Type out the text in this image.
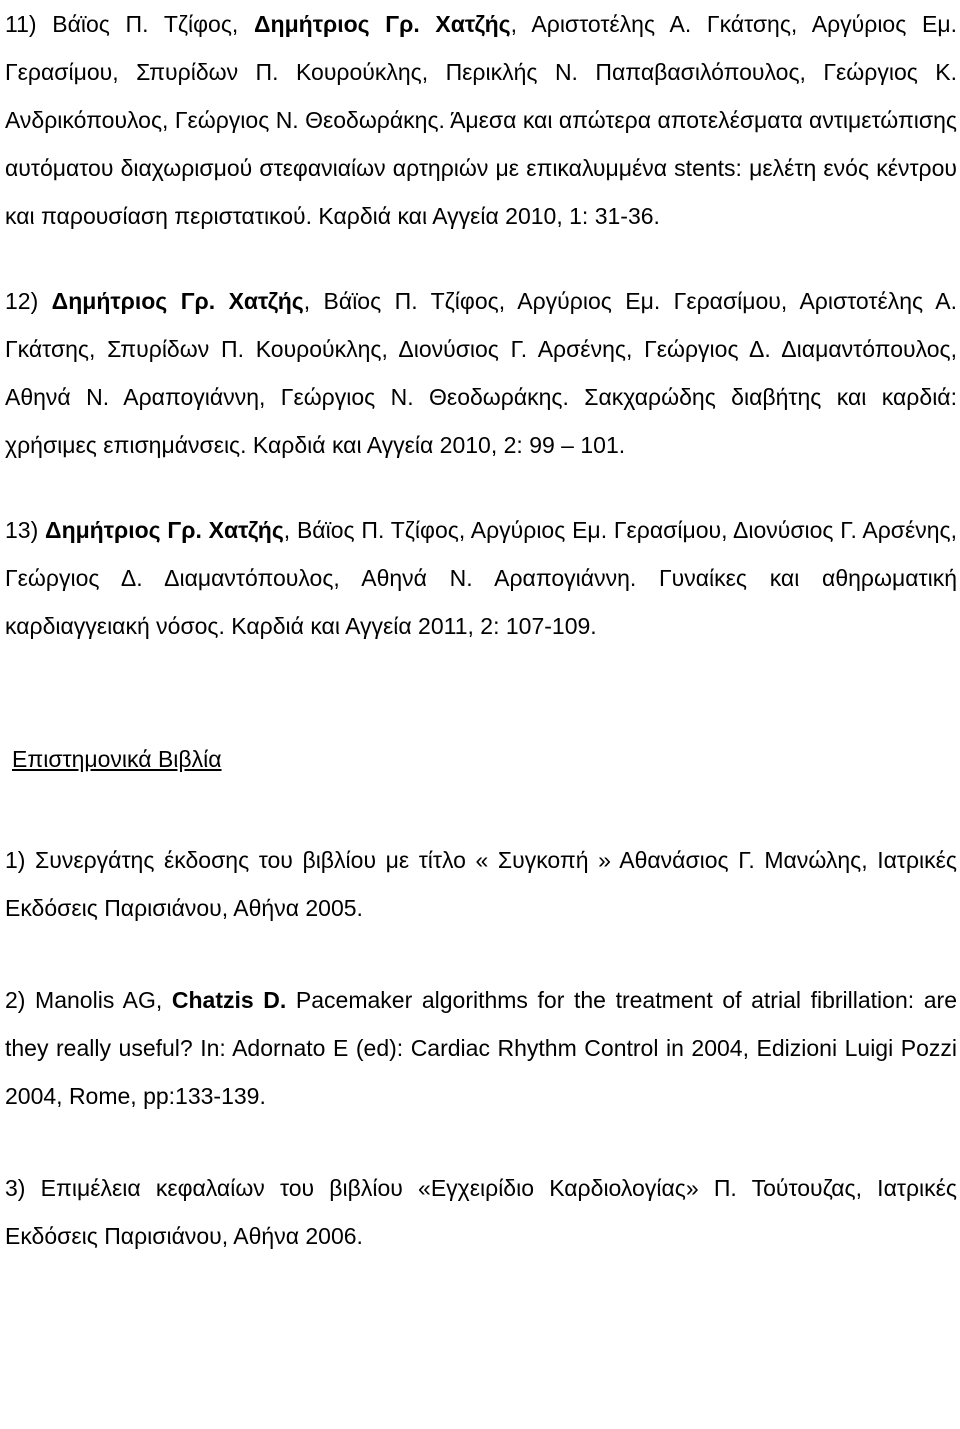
11) Βάϊος Π. Τζίφος, Δημήτριος Γρ. Χατζής, Αριστοτέλης Α. Γκάτσης, Αργύριος Εμ. Γερασίμου, Σπυρίδων Π. Κουρούκλης, Περικλής Ν. Παπαβασιλόπουλος, Γεώργιος Κ. Ανδρικόπουλος, Γεώργιος Ν. Θεοδωράκης. Άμεσα και απώτερα αποτελέσματα αντιμετώπισης αυτόματου διαχωρισμού στεφανιαίων αρτηριών με επικαλυμμένα stents: μελέτη ενός κέντρου και παρουσίαση περιστατικού. Καρδιά και Αγγεία 2010, 1: 31-36.

12) Δημήτριος Γρ. Χατζής, Βάϊος Π. Τζίφος, Αργύριος Εμ. Γερασίμου, Αριστοτέλης Α. Γκάτσης, Σπυρίδων Π. Κουρούκλης, Διονύσιος Γ. Αρσένης, Γεώργιος Δ. Διαμαντόπουλος, Αθηνά Ν. Αραπογιάννη, Γεώργιος Ν. Θεοδωράκης. Σακχαρώδης διαβήτης και καρδιά: χρήσιμες επισημάνσεις. Καρδιά και Αγγεία 2010, 2: 99 – 101.

13) Δημήτριος Γρ. Χατζής, Βάϊος Π. Τζίφος, Αργύριος Εμ. Γερασίμου, Διονύσιος Γ. Αρσένης, Γεώργιος Δ. Διαμαντόπουλος, Αθηνά Ν. Αραπογιάννη. Γυναίκες και αθηρωματική καρδιαγγειακή νόσος. Καρδιά και Αγγεία 2011, 2: 107-109.

Επιστημονικά Βιβλία

1) Συνεργάτης έκδοσης του βιβλίου με τίτλο « Συγκοπή » Αθανάσιος Γ. Μανώλης, Ιατρικές Εκδόσεις Παρισιάνου, Αθήνα 2005.

2) Manolis AG, Chatzis D. Pacemaker algorithms for the treatment of atrial fibrillation: are they really useful? In: Adornato E (ed): Cardiac Rhythm Control in 2004, Edizioni Luigi Pozzi 2004, Rome, pp:133-139.

3) Επιμέλεια κεφαλαίων του βιβλίου «Εγχειρίδιο Καρδιολογίας» Π. Τούτουζας, Ιατρικές Εκδόσεις Παρισιάνου, Αθήνα 2006.
